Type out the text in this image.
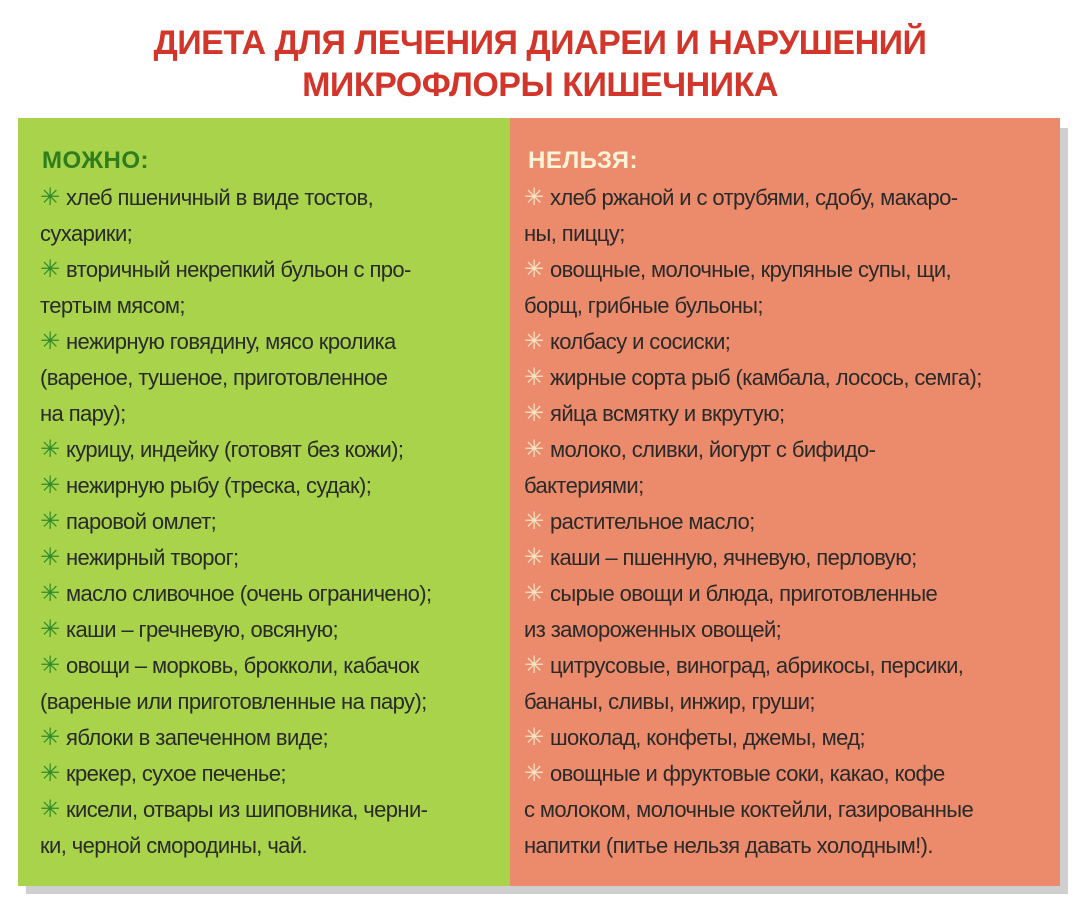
ДИЕТА ДЛЯ ЛЕЧЕНИЯ ДИАРЕИ И НАРУШЕНИЙ
МИКРОФЛОРЫ КИШЕЧНИКА
МОЖНО:
✳ хлеб пшеничный в виде тостов,
сухарики;
✳ вторичный некрепкий бульон с про-
тертым мясом;
✳ нежирную говядину, мясо кролика
(вареное, тушеное, приготовленное
на пару);
✳ курицу, индейку (готовят без кожи);
✳ нежирную рыбу (треска, судак);
✳ паровой омлет;
✳ нежирный творог;
✳ масло сливочное (очень ограничено);
✳ каши – гречневую, овсяную;
✳ овощи – морковь, брокколи, кабачок
(вареные или приготовленные на пару);
✳ яблоки в запеченном виде;
✳ крекер, сухое печенье;
✳ кисели, отвары из шиповника, черни-
ки, черной смородины, чай.
НЕЛЬЗЯ:
✳ хлеб ржаной и с отрубями, сдобу, макаро-
ны, пиццу;
✳ овощные, молочные, крупяные супы, щи,
борщ, грибные бульоны;
✳ колбасу и сосиски;
✳ жирные сорта рыб (камбала, лосось, семга);
✳ яйца всмятку и вкрутую;
✳ молоко, сливки, йогурт с бифидо-
бактериями;
✳ растительное масло;
✳ каши – пшенную, ячневую, перловую;
✳ сырые овощи и блюда, приготовленные
из замороженных овощей;
✳ цитрусовые, виноград, абрикосы, персики,
бананы, сливы, инжир, груши;
✳ шоколад, конфеты, джемы, мед;
✳ овощные и фруктовые соки, какао, кофе
с молоком, молочные коктейли, газированные
напитки (питье нельзя давать холодным!).
